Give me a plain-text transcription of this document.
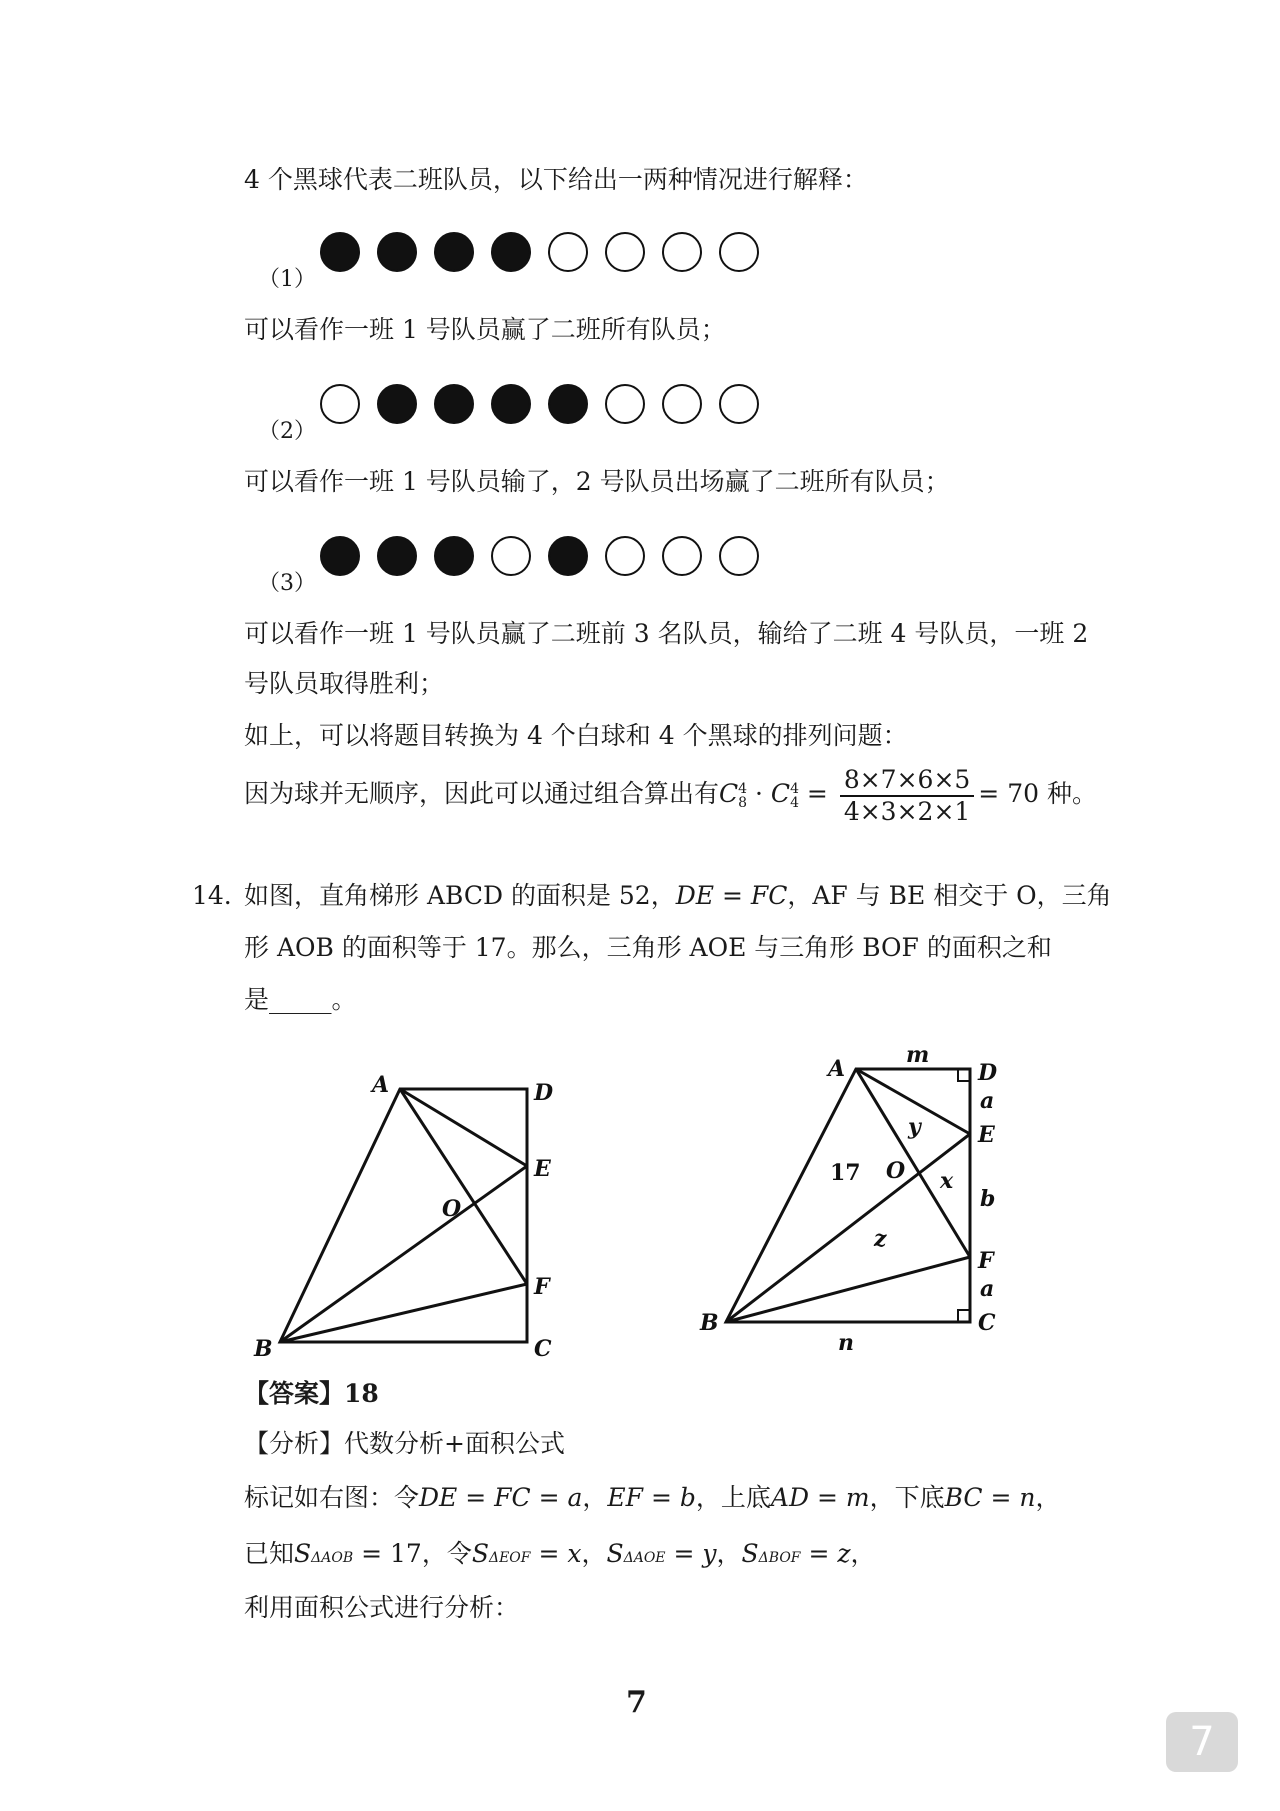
4 个黑球代表二班队员，以下给出一两种情况进行解释：
（1）
可以看作一班 1 号队员赢了二班所有队员；
（2）
可以看作一班 1 号队员输了，2 号队员出场赢了二班所有队员；
（3）
可以看作一班 1 号队员赢了二班前 3 名队员，输给了二班 4 号队员，一班 2
号队员取得胜利；
如上，可以将题目转换为 4 个白球和 4 个黑球的排列问题：
因为球并无顺序，因此可以通过组合算出有C 4
8 · C 4
$4 = \frac{8\times 7\times 6\times 5}{4\times 3\times 2\times 1} = 70$ 种。
14. 如图，直角梯形 ABCD 的面积是 52，DE = FC，AF 与 BE 相交于 O，三角
形 AOB 的面积等于 17。那么，三角形 AOE 与三角形 BOF 的面积之和
是_____。
A	D
E
O
F
B	C
m
A	D
a
y	E
17 O x
b
z
F
a
B	C
n
【答案】18
【分析】代数分析+面积公式
标记如右图：令DE = FC = a，EF = b，上底AD = m，下底BC = n，
已知SΔAOB = 17，令SΔEOF = x，SΔAOE = y，SΔBOF = z，
利用面积公式进行分析：
7
7
